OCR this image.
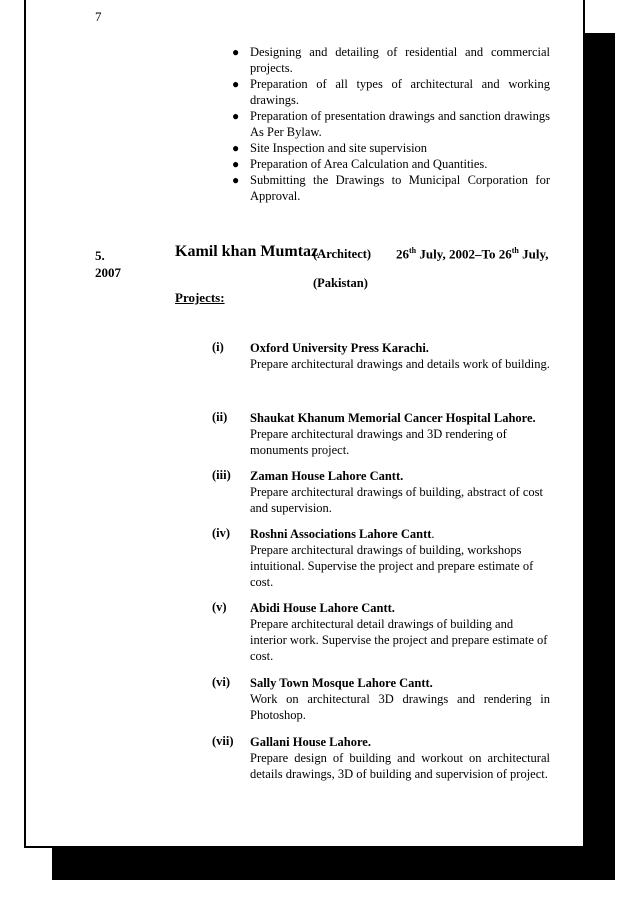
7
● Designing and detailing of residential and commercial projects.
● Preparation of all types of architectural and working drawings.
● Preparation of presentation drawings and sanction drawings As Per Bylaw.
● Site Inspection and site supervision
● Preparation of Area Calculation and Quantities.
● Submitting the Drawings to Municipal Corporation for Approval.
5.
2007
Kamil khan Mumtaz
(Architect) 26th July, 2002–To 26th July,
(Pakistan)
Projects:
(i) Oxford University Press Karachi.
Prepare architectural drawings and details work of building.
(ii) Shaukat Khanum Memorial Cancer Hospital Lahore.
Prepare architectural drawings and 3D rendering of monuments project.
(iii) Zaman House Lahore Cantt.
Prepare architectural drawings of building, abstract of cost and supervision.
(iv) Roshni Associations Lahore Cantt.
Prepare architectural drawings of building, workshops intuitional. Supervise the project and prepare estimate of cost.
(v) Abidi House Lahore Cantt.
Prepare architectural detail drawings of building and interior work. Supervise the project and prepare estimate of cost.
(vi) Sally Town Mosque Lahore Cantt.
Work on architectural 3D drawings and rendering in Photoshop.
(vii) Gallani House Lahore.
Prepare design of building and workout on architectural details drawings, 3D of building and supervision of project.
